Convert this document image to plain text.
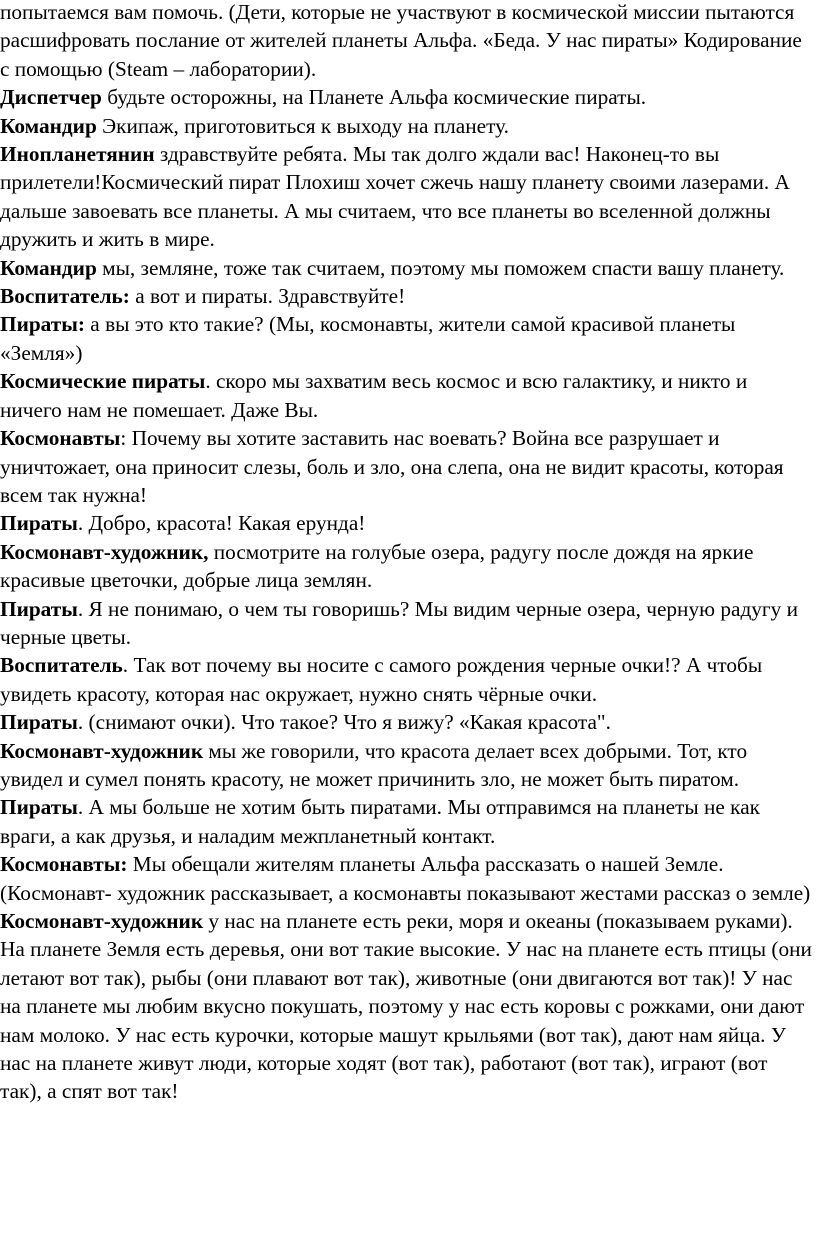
попытаемся вам помочь. (Дети, которые не участвуют в космической миссии пытаются расшифровать послание от жителей планеты Альфа. «Беда. У нас пираты» Кодирование с помощью (Steam – лаборатории).

Диспетчер будьте осторожны, на Планете Альфа космические пираты.

Командир Экипаж, приготовиться к выходу на планету.

Инопланетянин здравствуйте ребята. Мы так долго ждали вас! Наконец-то вы прилетели!Космический пират Плохиш хочет сжечь нашу планету своими лазерами. А дальше завоевать все планеты. А мы считаем, что все планеты во вселенной должны дружить и жить в мире.

Командир мы, земляне, тоже так считаем, поэтому мы поможем спасти вашу планету.

Воспитатель: а вот и пираты. Здравствуйте!

Пираты: а вы это кто такие? (Мы, космонавты, жители самой красивой планеты «Земля»)

Космические пираты. скоро мы захватим весь космос и всю галактику, и никто и ничего нам не помешает. Даже Вы.

Космонавты: Почему вы хотите заставить нас воевать? Война все разрушает и уничтожает, она приносит слезы, боль и зло, она слепа, она не видит красоты, которая всем так нужна!

Пираты. Добро, красота! Какая ерунда!

Космонавт-художник, посмотрите на голубые озера, радугу после дождя на яркие красивые цветочки, добрые лица землян.

Пираты. Я не понимаю, о чем ты говоришь? Мы видим черные озера, черную радугу и черные цветы.

Воспитатель. Так вот почему вы носите с самого рождения черные очки!? А чтобы увидеть красоту, которая нас окружает, нужно снять чёрные очки.

Пираты. (снимают очки). Что такое? Что я вижу? «Какая красота".

Космонавт-художник мы же говорили, что красота делает всех добрыми. Тот, кто увидел и сумел понять красоту, не может причинить зло, не может быть пиратом.

Пираты. А мы больше не хотим быть пиратами. Мы отправимся на планеты не как враги, а как друзья, и наладим межпланетный контакт.

Космонавты: Мы обещали жителям планеты Альфа рассказать о нашей Земле.

(Космонавт- художник рассказывает, а космонавты показывают жестами рассказ о земле)

Космонавт-художник у нас на планете есть реки, моря и океаны (показываем руками). На планете Земля есть деревья, они вот такие высокие. У нас на планете есть птицы (они летают вот так), рыбы (они плавают вот так), животные (они двигаются вот так)! У нас на планете мы любим вкусно покушать, поэтому у нас есть коровы с рожками, они дают нам молоко. У нас есть курочки, которые машут крыльями (вот так), дают нам яйца. У нас на планете живут люди, которые ходят (вот так), работают (вот так), играют (вот так), а спят вот так!
